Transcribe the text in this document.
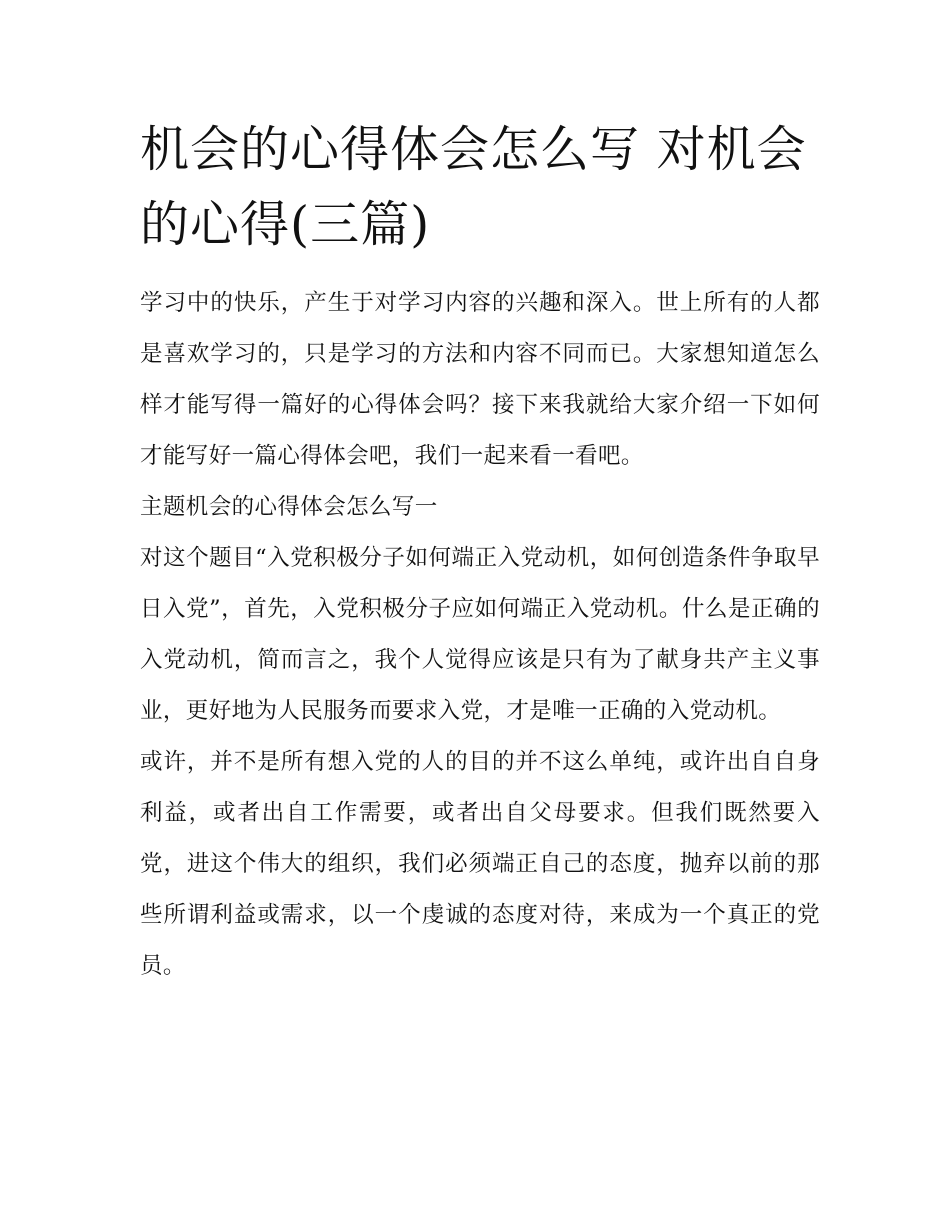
机会的心得体会怎么写 对机会的心得(三篇)

学习中的快乐，产生于对学习内容的兴趣和深入。世上所有的人都是喜欢学习的，只是学习的方法和内容不同而已。大家想知道怎么样才能写得一篇好的心得体会吗？接下来我就给大家介绍一下如何才能写好一篇心得体会吧，我们一起来看一看吧。

主题机会的心得体会怎么写一

对这个题目“入党积极分子如何端正入党动机，如何创造条件争取早日入党”，首先，入党积极分子应如何端正入党动机。什么是正确的入党动机，简而言之，我个人觉得应该是只有为了献身共产主义事业，更好地为人民服务而要求入党，才是唯一正确的入党动机。

或许，并不是所有想入党的人的目的并不这么单纯，或许出自自身利益，或者出自工作需要，或者出自父母要求。但我们既然要入党，进这个伟大的组织，我们必须端正自己的态度，抛弃以前的那些所谓利益或需求，以一个虔诚的态度对待，来成为一个真正的党员。
